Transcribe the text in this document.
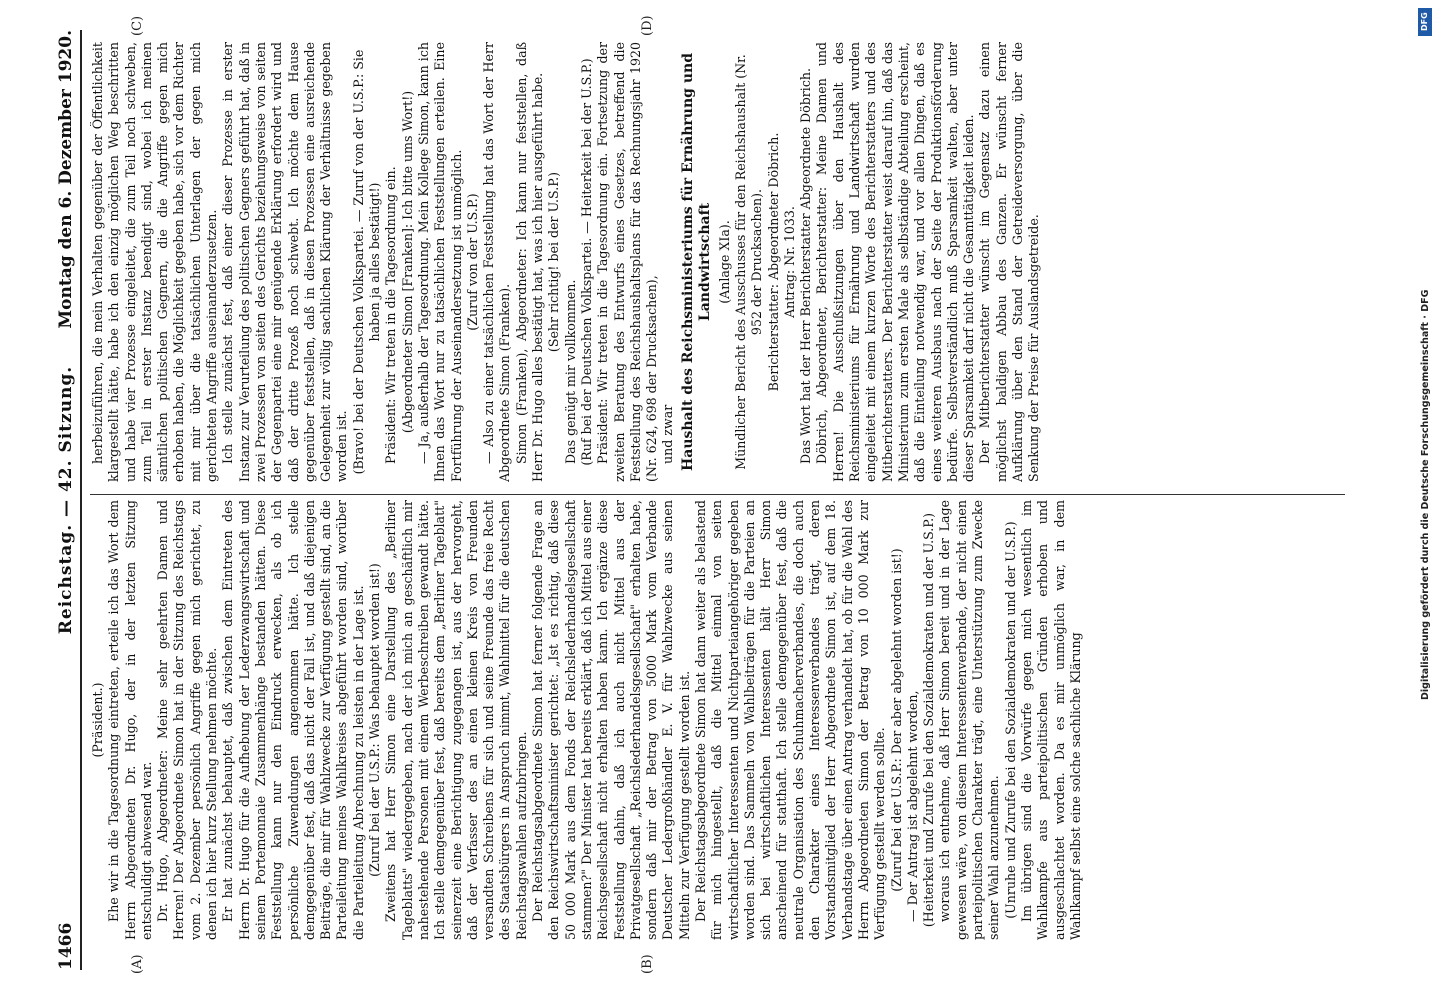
1466
Reichstag. — 42. Sitzung.
Montag den 6. Dezember 1920.
(A)	(B)
(C)	(D)

(Präsident.) Ehe wir in die Tagesordnung eintreten, erteile ich das Wort dem Herrn Abgeordneten Dr. Hugo, der in der letzten Sitzung entschuldigt abwesend war. Dr. Hugo, Abgeordneter: Meine sehr geehrten Damen und Herren! Der Abgeordnete Simon hat in der Sitzung des Reichstags vom 2. Dezember persönlich Angriffe gegen mich gerichtet, zu denen ich hier kurz Stellung nehmen möchte. Er hat zunächst behauptet, daß zwischen dem Eintreten des Herrn Dr. Hugo für die Aufhebung der Lederzwangswirtschaft und seinem Portemonnaie Zusammenhänge bestanden hätten. Diese Feststellung kann nur den Eindruck erwecken, als ob ich persönliche Zuwendungen angenommen hätte. Ich stelle demgegenüber fest, daß das nicht der Fall ist, und daß diejenigen Beiträge, die mir für Wahlzwecke zur Verfügung gestellt sind, an die Parteileitung meines Wahlkreises abgeführt worden sind, worüber die Parteileitung Abrechnung zu leisten in der Lage ist. (Zuruf bei der U.S.P.: Was behauptet worden ist!) Zweitens hat Herr Simon eine Darstellung des „Berliner Tageblatts" wiedergegeben, nach der ich mich an geschäftlich mir nahestehende Personen mit einem Werbeschreiben gewandt hätte. Ich stelle demgegenüber fest, daß bereits dem „Berliner Tageblatt" seinerzeit eine Berichtigung zugegangen ist, aus der hervorgeht, daß der Verfasser des an einen kleinen Kreis von Freunden versandten Schreibens für sich und seine Freunde das freie Recht des Staatsbürgers in Anspruch nimmt, Wahlmittel für die deutschen Reichstagswahlen aufzubringen. Der Reichstagsabgeordnete Simon hat ferner folgende Frage an den Reichswirtschaftsminister gerichtet: „Ist es richtig, daß diese 50 000 Mark aus dem Fonds der Reichslederhandelsgesellschaft stammen?" Der Minister hat bereits erklärt, daß ich Mittel aus einer Reichsgesellschaft nicht erhalten haben kann. Ich ergänze diese Feststellung dahin, daß ich auch nicht Mittel aus der Privatgesellschaft „Reichslederhandelsgesellschaft" erhalten habe, sondern daß mir der Betrag von 5000 Mark vom Verbande Deutscher Ledergroßhändler E. V. für Wahlzwecke aus seinen Mitteln zur Verfügung gestellt worden ist. Der Reichstagsabgeordnete Simon hat dann weiter als belastend für mich hingestellt, daß die Mittel einmal von seiten wirtschaftlicher Interessenten und Nichtparteiangehöriger gegeben worden sind. Das Sammeln von Wahlbeiträgen für die Parteien an sich bei wirtschaftlichen Interessenten hält Herr Simon anscheinend für statthaft. Ich stelle demgegenüber fest, daß die neutrale Organisation des Schuhmacherverbandes, die doch auch den Charakter eines Interessenverbandes trägt, deren Vorstandsmitglied der Herr Abgeordnete Simon ist, auf dem 18. Verbandstage über einen Antrag verhandelt hat, ob für die Wahl des Herrn Abgeordneten Simon der Betrag von 10 000 Mark zur Verfügung gestellt werden sollte. (Zuruf bei der U.S.P.: Der aber abgelehnt worden ist!) — Der Antrag ist abgelehnt worden, (Heiterkeit und Zurufe bei den Sozialdemokraten und der U.S.P.) woraus ich entnehme, daß Herr Simon bereit und in der Lage gewesen wäre, von diesem Interessentenverbande, der nicht einen parteipolitischen Charakter trägt, eine Unterstützung zum Zwecke seiner Wahl anzunehmen. (Unruhe und Zurufe bei den Sozialdemokraten und der U.S.P.) Im übrigen sind die Vorwürfe gegen mich wesentlich im Wahlkampfe aus parteipolitischen Gründen erhoben und ausgeschlachtet worden. Da es mir unmöglich war, in dem Wahlkampf selbst eine solche sachliche Klärung

herbeizuführen, die mein Verhalten gegenüber der Öffentlichkeit klargestellt hätte, habe ich den einzig möglichen Weg beschritten und habe vier Prozesse eingeleitet, die zum Teil noch schweben, zum Teil in erster Instanz beendigt sind, wobei ich meinen sämtlichen politischen Gegnern, die die Angriffe gegen mich erhoben haben, die Möglichkeit gegeben habe, sich vor dem Richter mit mir über die tatsächlichen Unterlagen der gegen mich gerichteten Angriffe auseinanderzusetzen. Ich stelle zunächst fest, daß einer dieser Prozesse in erster Instanz zur Verurteilung des politischen Gegners geführt hat, daß in zwei Prozessen von seiten des Gerichts beziehungsweise von seiten der Gegenpartei eine mir genügende Erklärung erfordert wird und daß der dritte Prozeß noch schwebt. Ich möchte dem Hause gegenüber feststellen, daß in diesen Prozessen eine ausreichende Gelegenheit zur völlig sachlichen Klärung der Verhältnisse gegeben worden ist. (Bravo! bei der Deutschen Volkspartei. — Zuruf von der U.S.P.: Sie haben ja alles bestätigt!) Präsident: Wir treten in die Tagesordnung ein. (Abgeordneter Simon [Franken]: Ich bitte ums Wort!) — Ja, außerhalb der Tagesordnung. Mein Kollege Simon, kann ich Ihnen das Wort nur zu tatsächlichen Feststellungen erteilen. Eine Fortführung der Auseinandersetzung ist unmöglich. (Zuruf von der U.S.P.) — Also zu einer tatsächlichen Feststellung hat das Wort der Herr Abgeordnete Simon (Franken). Simon (Franken), Abgeordneter: Ich kann nur feststellen, daß Herr Dr. Hugo alles bestätigt hat, was ich hier ausgeführt habe. (Sehr richtig! bei der U.S.P.)

Das genügt mir vollkommen. (Ruf bei der Deutschen Volkspartei. — Heiterkeit bei der U.S.P.) Präsident: Wir treten in die Tagesordnung ein. Fortsetzung der zweiten Beratung des Entwurfs eines Gesetzes, betreffend die Feststellung des Reichshaushaltsplans für das Rechnungsjahr 1920 (Nr. 624, 698 der Drucksachen), und zwar Haushalt des Reichsministeriums für Ernährung und Landwirtschaft (Anlage XIa). Mündlicher Bericht des Ausschusses für den Reichshaushalt (Nr. 952 der Drucksachen). Berichterstatter: Abgeordneter Döbrich. Antrag: Nr. 1033. Das Wort hat der Herr Berichterstatter Abgeordnete Döbrich. Döbrich, Abgeordneter, Berichterstatter: Meine Damen und Herren! Die Ausschußsitzungen über den Haushalt des Reichsministeriums für Ernährung und Landwirtschaft wurden eingeleitet mit einem kurzen Worte des Berichterstatters und des Mitberichterstatters. Der Berichterstatter weist darauf hin, daß das Ministerium zum ersten Male als selbständige Abteilung erscheint, daß die Einteilung notwendig war, und vor allen Dingen, daß es eines weiteren Ausbaus nach der Seite der Produktionsförderung bedürfe. Selbstverständlich muß Sparsamkeit walten, aber unter dieser Sparsamkeit darf nicht die Gesamttätigkeit leiden. Der Mitberichterstatter wünscht im Gegensatz dazu einen möglichst baldigen Abbau des Ganzen. Er wünscht ferner Aufklärung über den Stand der Getreideversorgung, über die Senkung der Preise für Auslandsgetreide.

DFG
Digitalisierung gefördert durch die Deutsche Forschungsgemeinschaft · DFG
